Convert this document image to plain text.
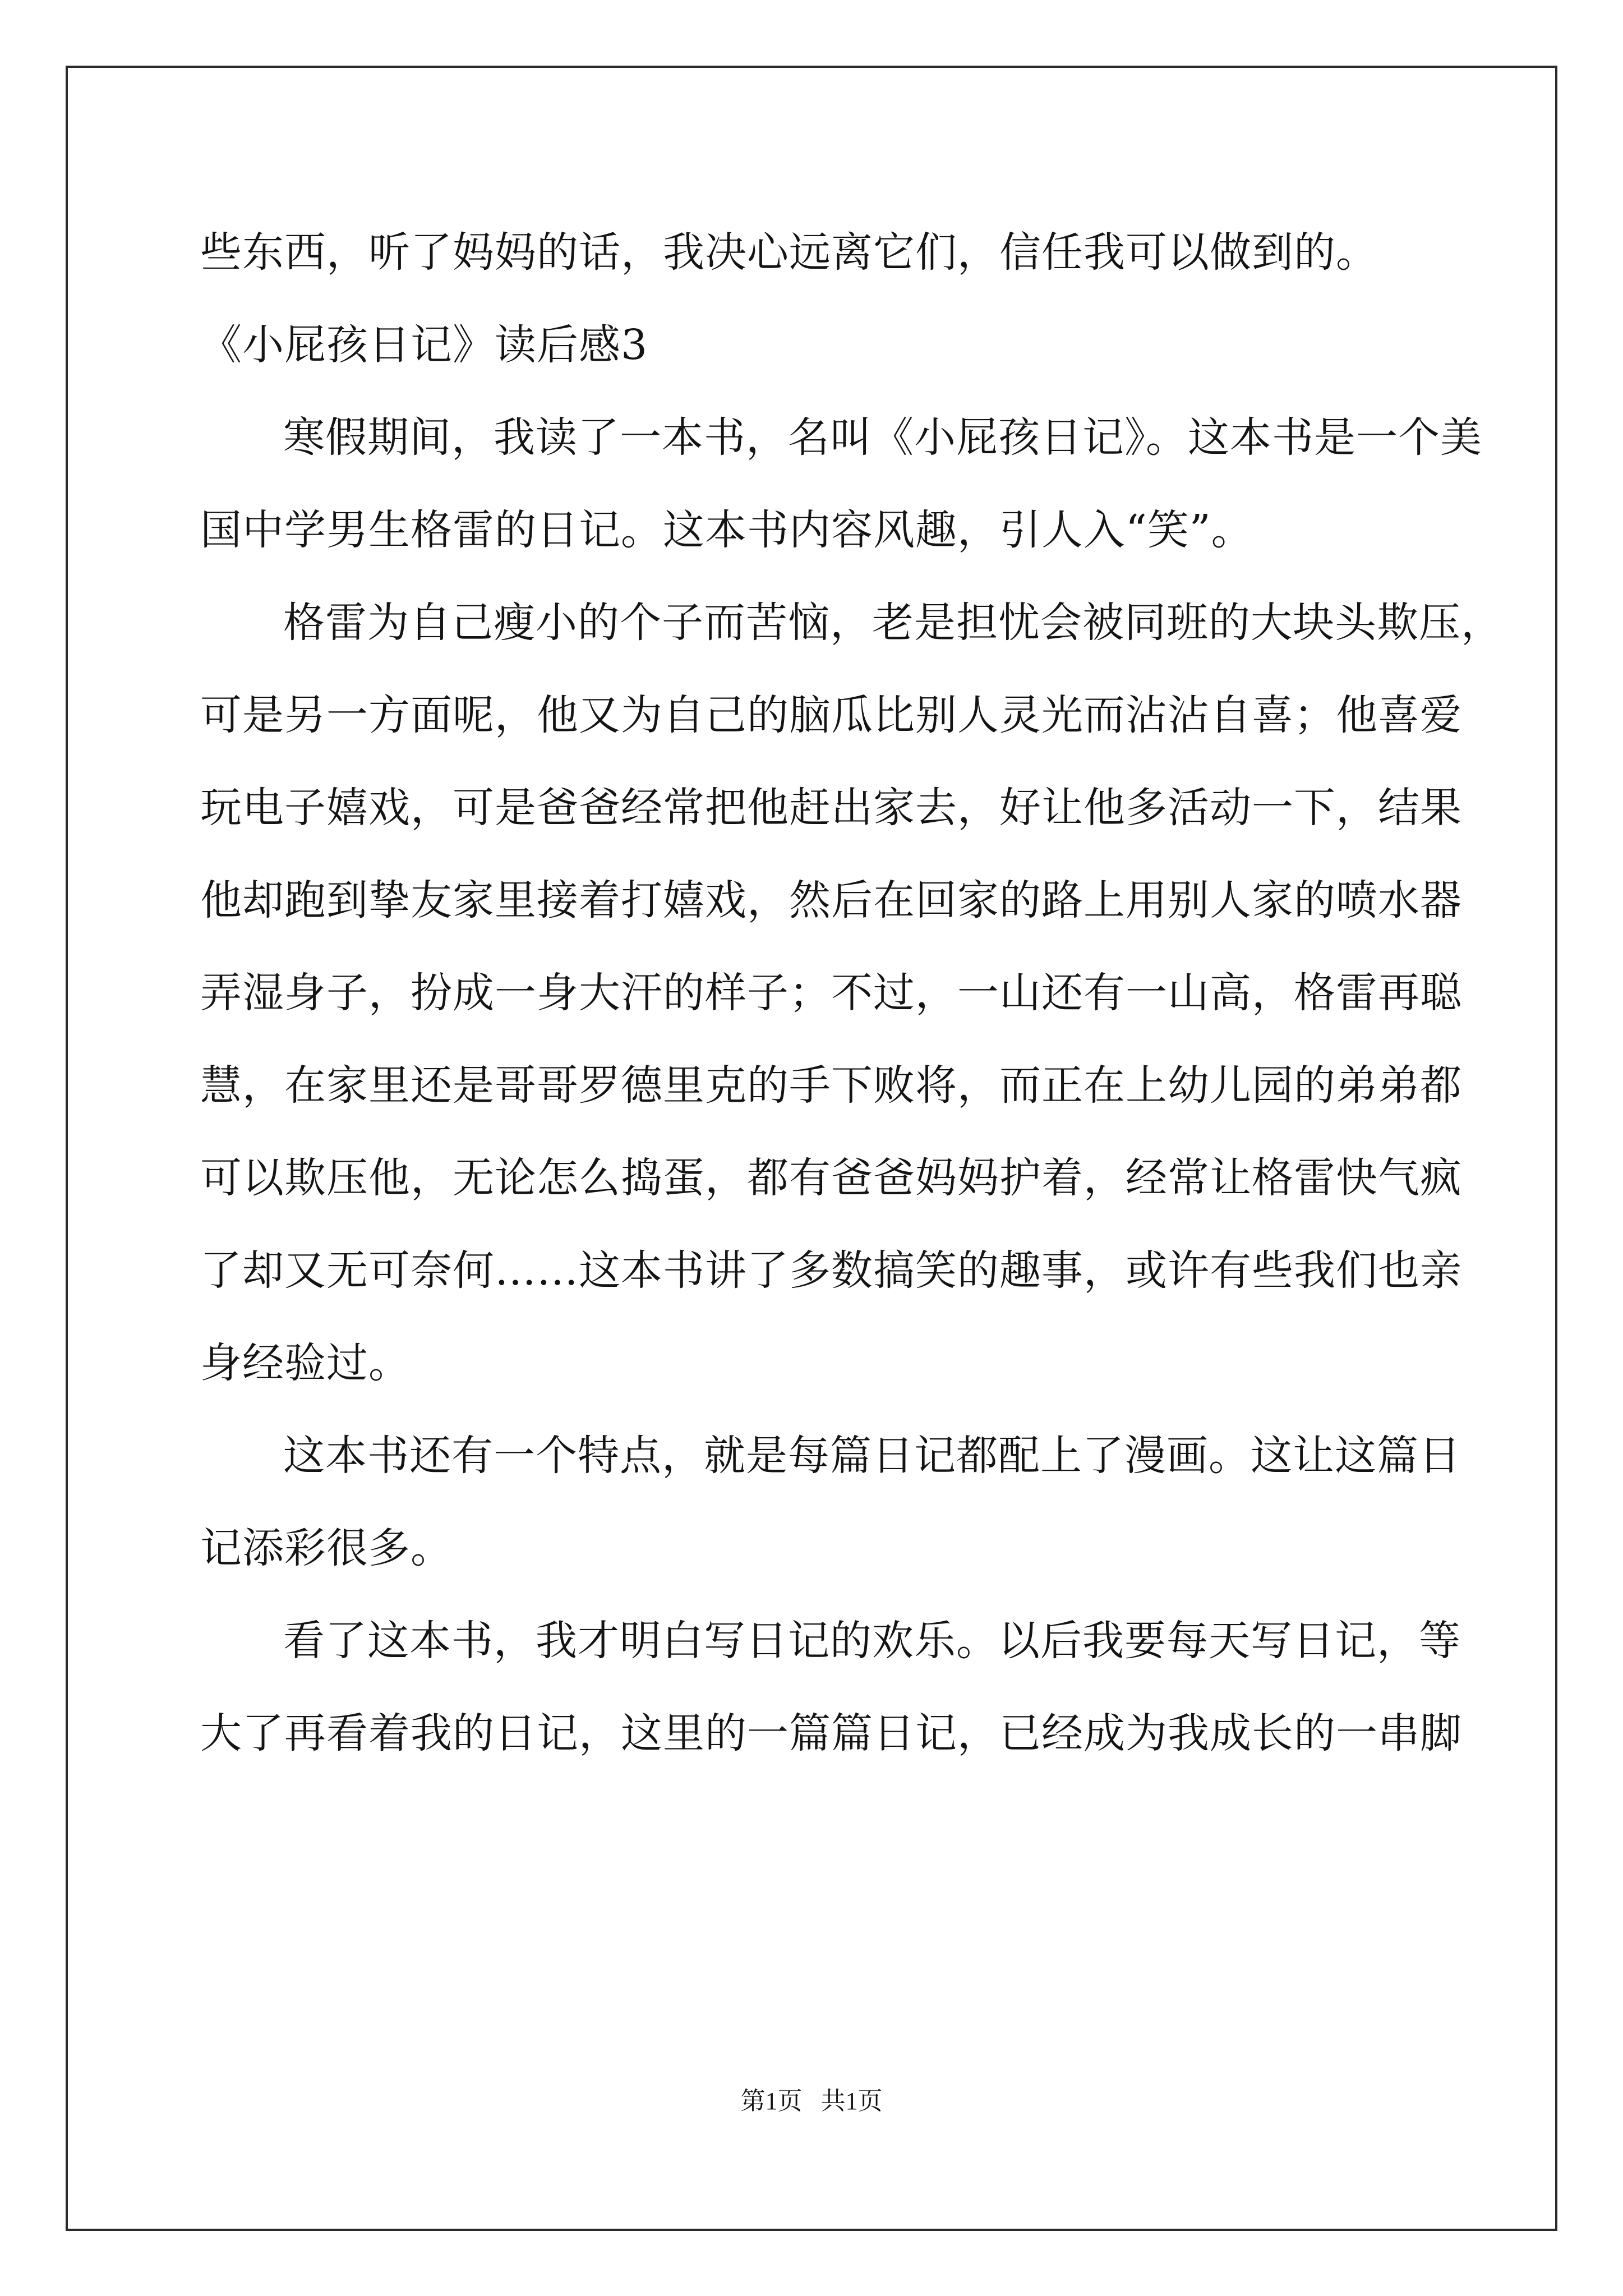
些东西，听了妈妈的话，我决心远离它们，信任我可以做到的。
《小屁孩日记》读后感3
寒假期间，我读了一本书，名叫《小屁孩日记》。这本书是一个美
国中学男生格雷的日记。这本书内容风趣，引人入“笑”。
格雷为自己瘦小的个子而苦恼，老是担忧会被同班的大块头欺压，
可是另一方面呢，他又为自己的脑瓜比别人灵光而沾沾自喜；他喜爱
玩电子嬉戏，可是爸爸经常把他赶出家去，好让他多活动一下，结果
他却跑到挚友家里接着打嬉戏，然后在回家的路上用别人家的喷水器
弄湿身子，扮成一身大汗的样子；不过，一山还有一山高，格雷再聪
慧，在家里还是哥哥罗德里克的手下败将，而正在上幼儿园的弟弟都
可以欺压他，无论怎么捣蛋，都有爸爸妈妈护着，经常让格雷快气疯
了却又无可奈何……这本书讲了多数搞笑的趣事，或许有些我们也亲
身经验过。
这本书还有一个特点，就是每篇日记都配上了漫画。这让这篇日
记添彩很多。
看了这本书，我才明白写日记的欢乐。以后我要每天写日记，等
大了再看着我的日记，这里的一篇篇日记，已经成为我成长的一串脚
第1页   共1页
